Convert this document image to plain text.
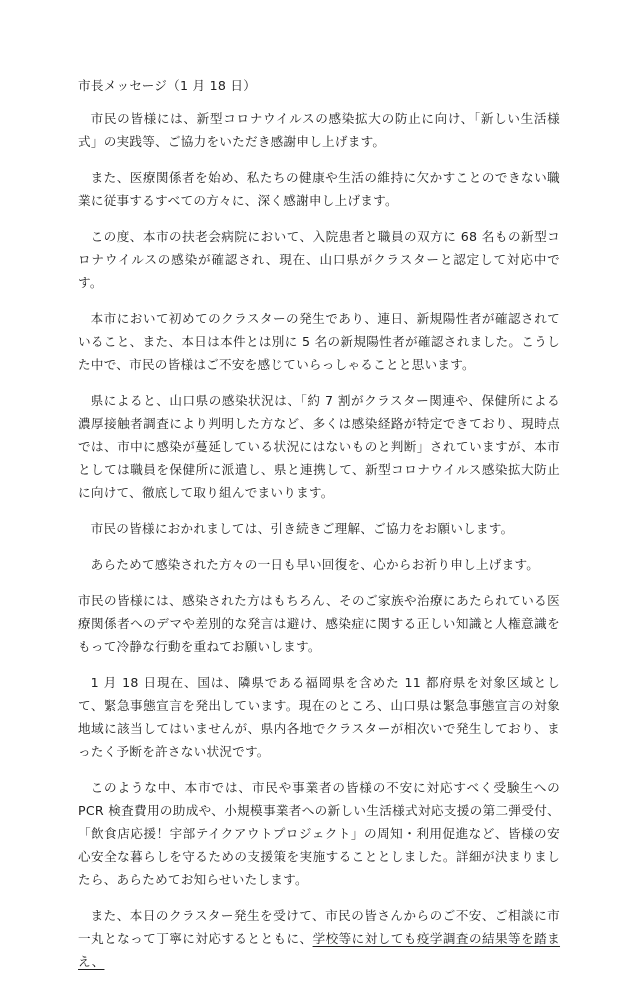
市長メッセージ（1 月 18 日）

市民の皆様には、新型コロナウイルスの感染拡大の防止に向け、「新しい生活様式」の実践等、ご協力をいただき感謝申し上げます。

また、医療関係者を始め、私たちの健康や生活の維持に欠かすことのできない職業に従事するすべての方々に、深く感謝申し上げます。

この度、本市の扶老会病院において、入院患者と職員の双方に 68 名もの新型コロナウイルスの感染が確認され、現在、山口県がクラスターと認定して対応中です。

本市において初めてのクラスターの発生であり、連日、新規陽性者が確認されていること、また、本日は本件とは別に 5 名の新規陽性者が確認されました。こうした中で、市民の皆様はご不安を感じていらっしゃることと思います。

県によると、山口県の感染状況は、「約 7 割がクラスター関連や、保健所による濃厚接触者調査により判明した方など、多くは感染経路が特定できており、現時点では、市中に感染が蔓延している状況にはないものと判断」されていますが、本市としては職員を保健所に派遣し、県と連携して、新型コロナウイルス感染拡大防止に向けて、徹底して取り組んでまいります。

市民の皆様におかれましては、引き続きご理解、ご協力をお願いします。

あらためて感染された方々の一日も早い回復を、心からお祈り申し上げます。

市民の皆様には、感染された方はもちろん、そのご家族や治療にあたられている医療関係者へのデマや差別的な発言は避け、感染症に関する正しい知識と人権意識をもって冷静な行動を重ねてお願いします。

1 月 18 日現在、国は、隣県である福岡県を含めた 11 都府県を対象区域として、緊急事態宣言を発出しています。現在のところ、山口県は緊急事態宣言の対象地域に該当してはいませんが、県内各地でクラスターが相次いで発生しており、まったく予断を許さない状況です。

このような中、本市では、市民や事業者の皆様の不安に対応すべく受験生への PCR 検査費用の助成や、小規模事業者への新しい生活様式対応支援の第二弾受付、「飲食店応援！宇部テイクアウトプロジェクト」の周知・利用促進など、皆様の安心安全な暮らしを守るための支援策を実施することとしました。詳細が決まりましたら、あらためてお知らせいたします。

また、本日のクラスター発生を受けて、市民の皆さんからのご不安、ご相談に市一丸となって丁寧に対応するとともに、学校等に対しても疫学調査の結果等を踏まえ、
